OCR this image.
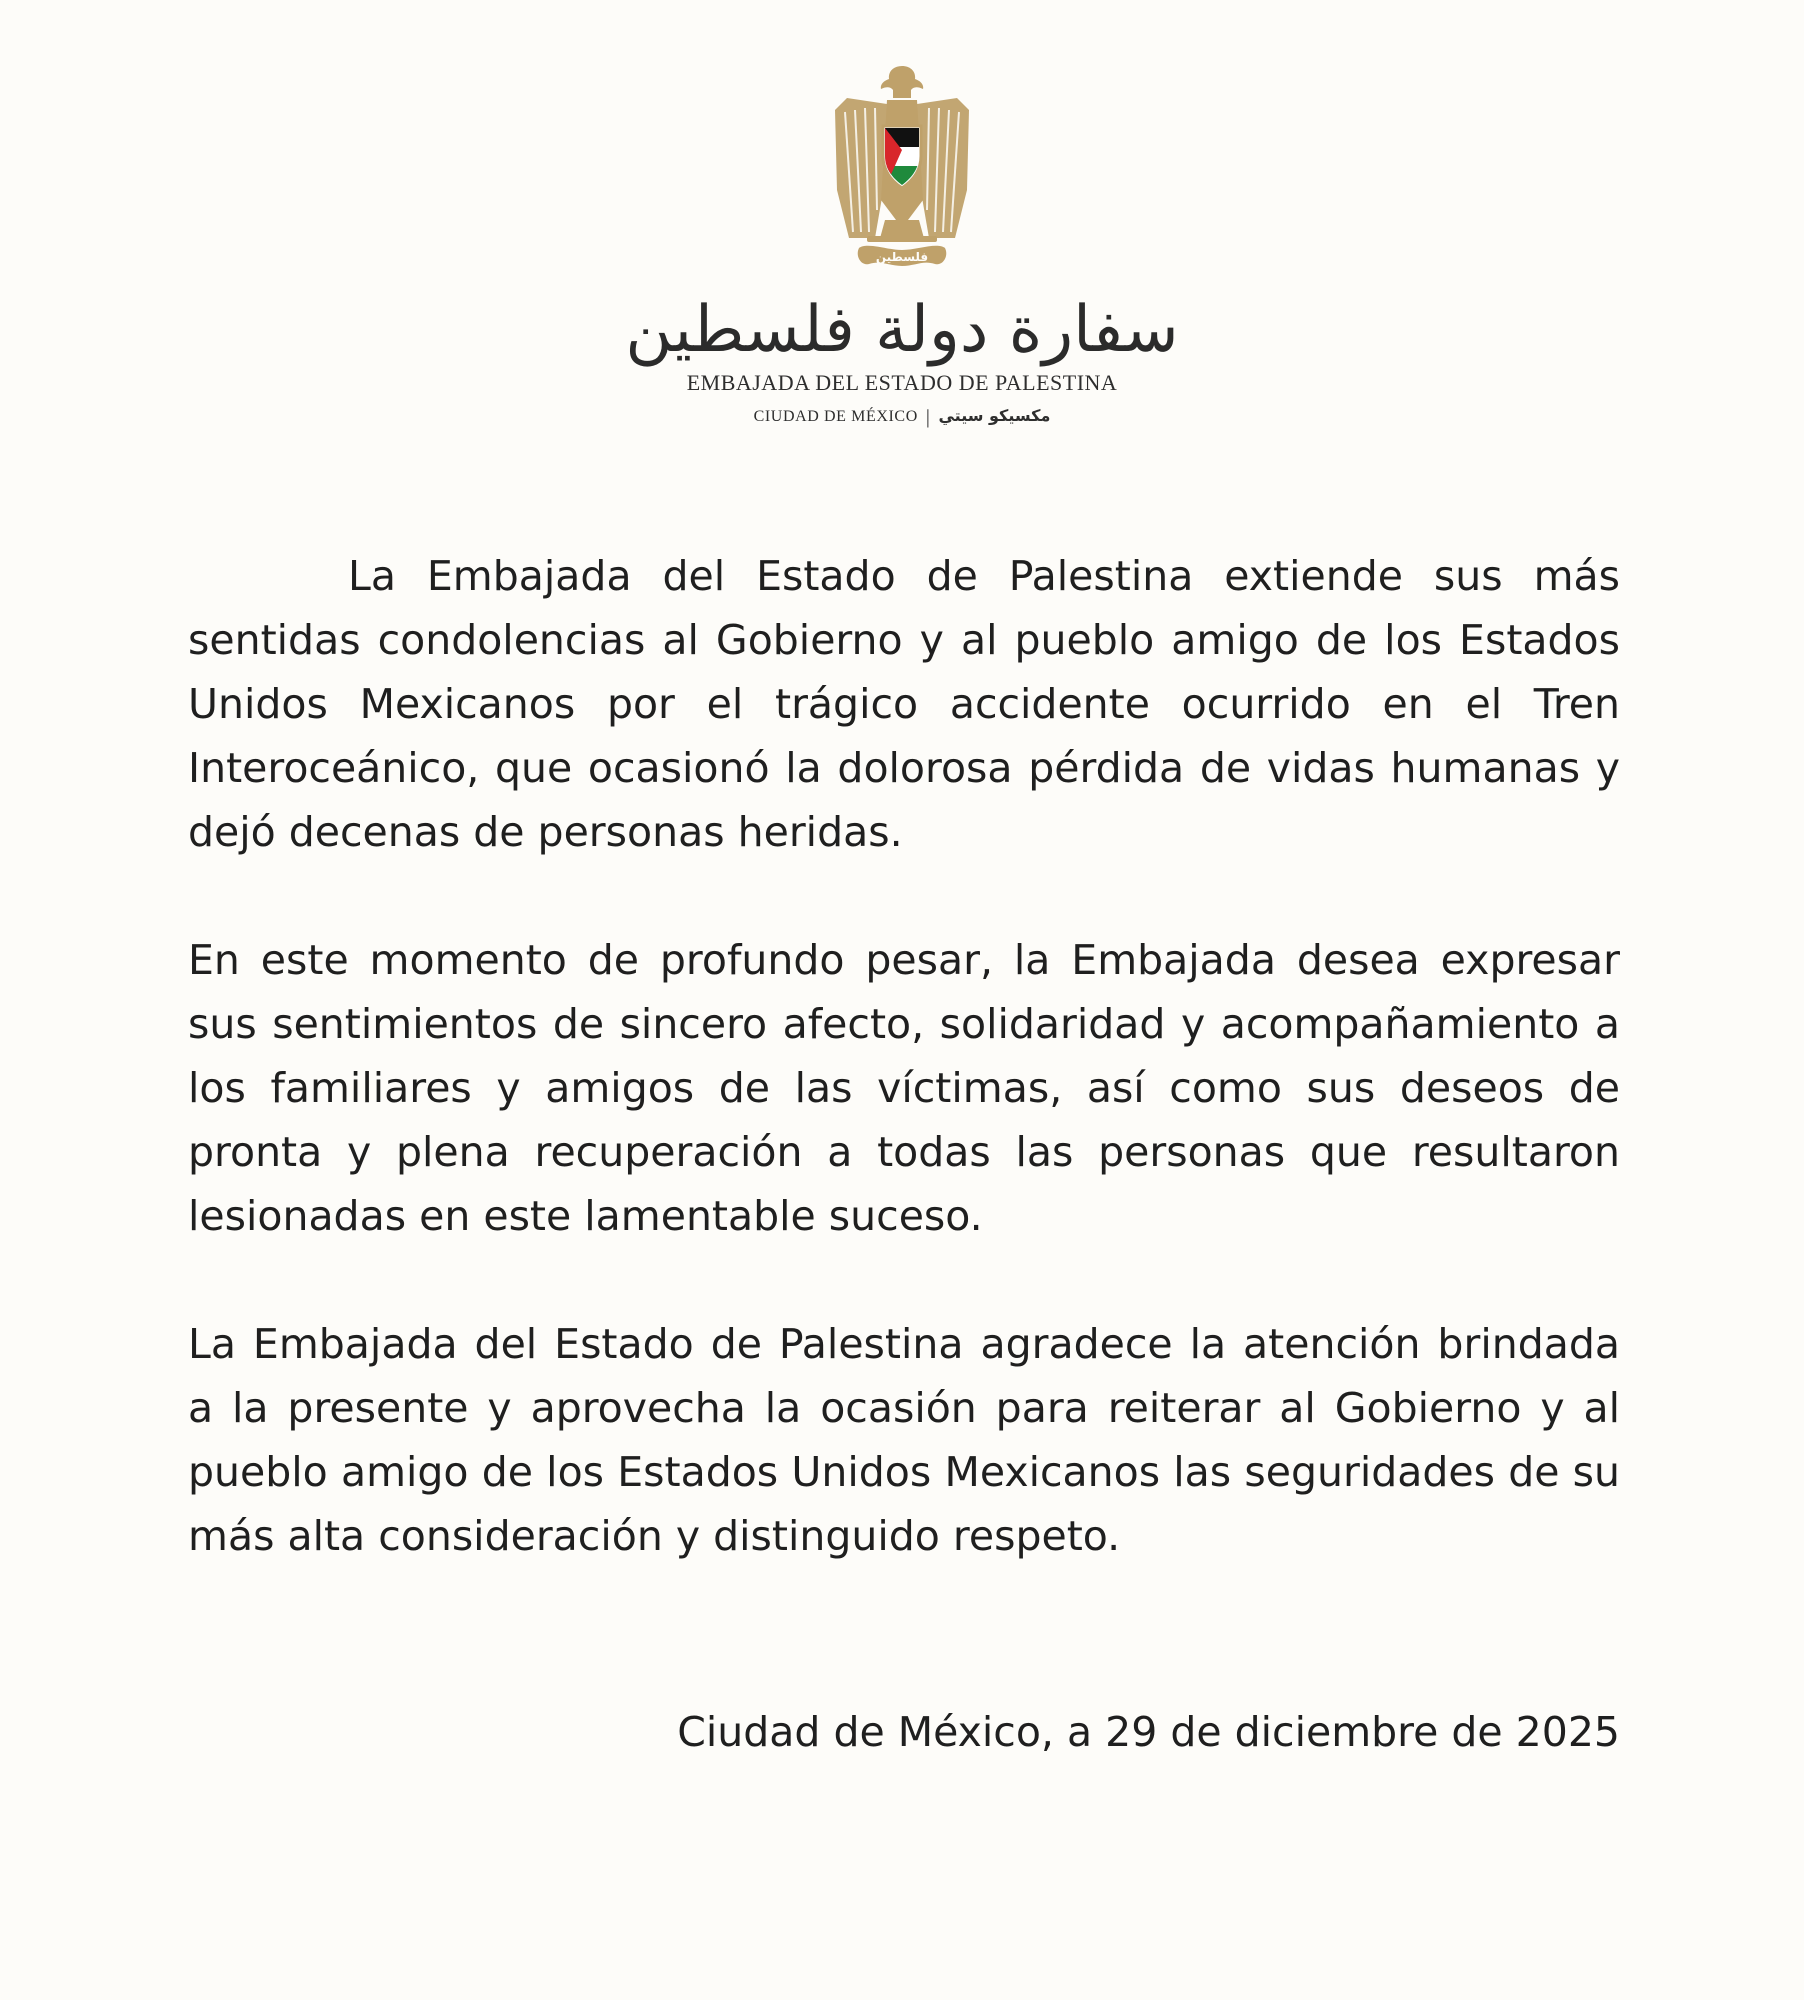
فلسطين
سفارة دولة فلسطين
EMBAJADA DEL ESTADO DE PALESTINA
CIUDAD DE MÉXICO | مكسيكو سيتي

La Embajada del Estado de Palestina extiende sus más sentidas condolencias al Gobierno y al pueblo amigo de los Estados Unidos Mexicanos por el trágico accidente ocurrido en el Tren Interoceánico, que ocasionó la dolorosa pérdida de vidas humanas y dejó decenas de personas heridas.

En este momento de profundo pesar, la Embajada desea expresar sus sentimientos de sincero afecto, solidaridad y acompañamiento a los familiares y amigos de las víctimas, así como sus deseos de pronta y plena recuperación a todas las personas que resultaron lesionadas en este lamentable suceso.

La Embajada del Estado de Palestina agradece la atención brindada a la presente y aprovecha la ocasión para reiterar al Gobierno y al pueblo amigo de los Estados Unidos Mexicanos las seguridades de su más alta consideración y distinguido respeto.

Ciudad de México, a 29 de diciembre de 2025
